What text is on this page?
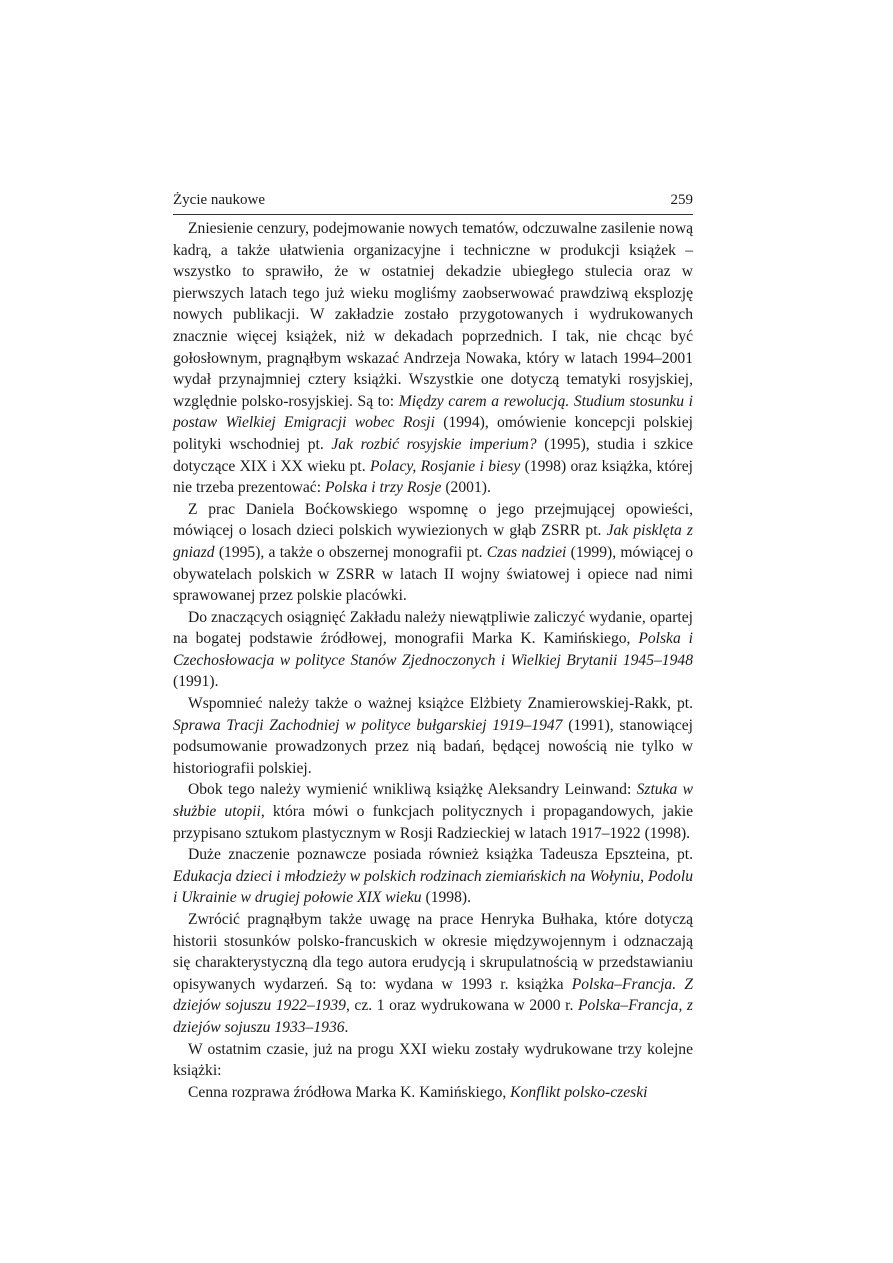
Życie naukowe	259

Zniesienie cenzury, podejmowanie nowych tematów, odczuwalne zasilenie nową kadrą, a także ułatwienia organizacyjne i techniczne w produkcji książek – wszystko to sprawiło, że w ostatniej dekadzie ubiegłego stulecia oraz w pierwszych latach tego już wieku mogliśmy zaobserwować prawdziwą eksplozję nowych publikacji. W zakładzie zostało przygotowanych i wydrukowanych znacznie więcej książek, niż w dekadach poprzednich. I tak, nie chcąc być gołosłownym, pragnąłbym wskazać Andrzeja Nowaka, który w latach 1994–2001 wydał przynajmniej cztery książki. Wszystkie one dotyczą tematyki rosyjskiej, względnie polsko-rosyjskiej. Są to: Między carem a rewolucją. Studium stosunku i postaw Wielkiej Emigracji wobec Rosji (1994), omówienie koncepcji polskiej polityki wschodniej pt. Jak rozbić rosyjskie imperium? (1995), studia i szkice dotyczące XIX i XX wieku pt. Polacy, Rosjanie i biesy (1998) oraz książka, której nie trzeba prezentować: Polska i trzy Rosje (2001).

Z prac Daniela Boćkowskiego wspomnę o jego przejmującej opowieści, mówiącej o losach dzieci polskich wywiezionych w głąb ZSRR pt. Jak pisklęta z gniazd (1995), a także o obszernej monografii pt. Czas nadziei (1999), mówiącej o obywatelach polskich w ZSRR w latach II wojny światowej i opiece nad nimi sprawowanej przez polskie placówki.

Do znaczących osiągnięć Zakładu należy niewątpliwie zaliczyć wydanie, opartej na bogatej podstawie źródłowej, monografii Marka K. Kamińskiego, Polska i Czechosłowacja w polityce Stanów Zjednoczonych i Wielkiej Brytanii 1945–1948 (1991).

Wspomnieć należy także o ważnej książce Elżbiety Znamierowskiej-Rakk, pt. Sprawa Tracji Zachodniej w polityce bułgarskiej 1919–1947 (1991), stanowiącej podsumowanie prowadzonych przez nią badań, będącej nowością nie tylko w historiografii polskiej.

Obok tego należy wymienić wnikliwą książkę Aleksandry Leinwand: Sztuka w służbie utopii, która mówi o funkcjach politycznych i propagandowych, jakie przypisano sztukom plastycznym w Rosji Radzieckiej w latach 1917–1922 (1998).

Duże znaczenie poznawcze posiada również książka Tadeusza Epszteina, pt. Edukacja dzieci i młodzieży w polskich rodzinach ziemiańskich na Wołyniu, Podolu i Ukrainie w drugiej połowie XIX wieku (1998).

Zwrócić pragnąłbym także uwagę na prace Henryka Bułhaka, które dotyczą historii stosunków polsko-francuskich w okresie międzywojennym i odznaczają się charakterystyczną dla tego autora erudycją i skrupulatnością w przedstawianiu opisywanych wydarzeń. Są to: wydana w 1993 r. książka Polska–Francja. Z dziejów sojuszu 1922–1939, cz. 1 oraz wydrukowana w 2000 r. Polska–Francja, z dziejów sojuszu 1933–1936.

W ostatnim czasie, już na progu XXI wieku zostały wydrukowane trzy kolejne książki:

Cenna rozprawa źródłowa Marka K. Kamińskiego, Konflikt polsko-czeski
